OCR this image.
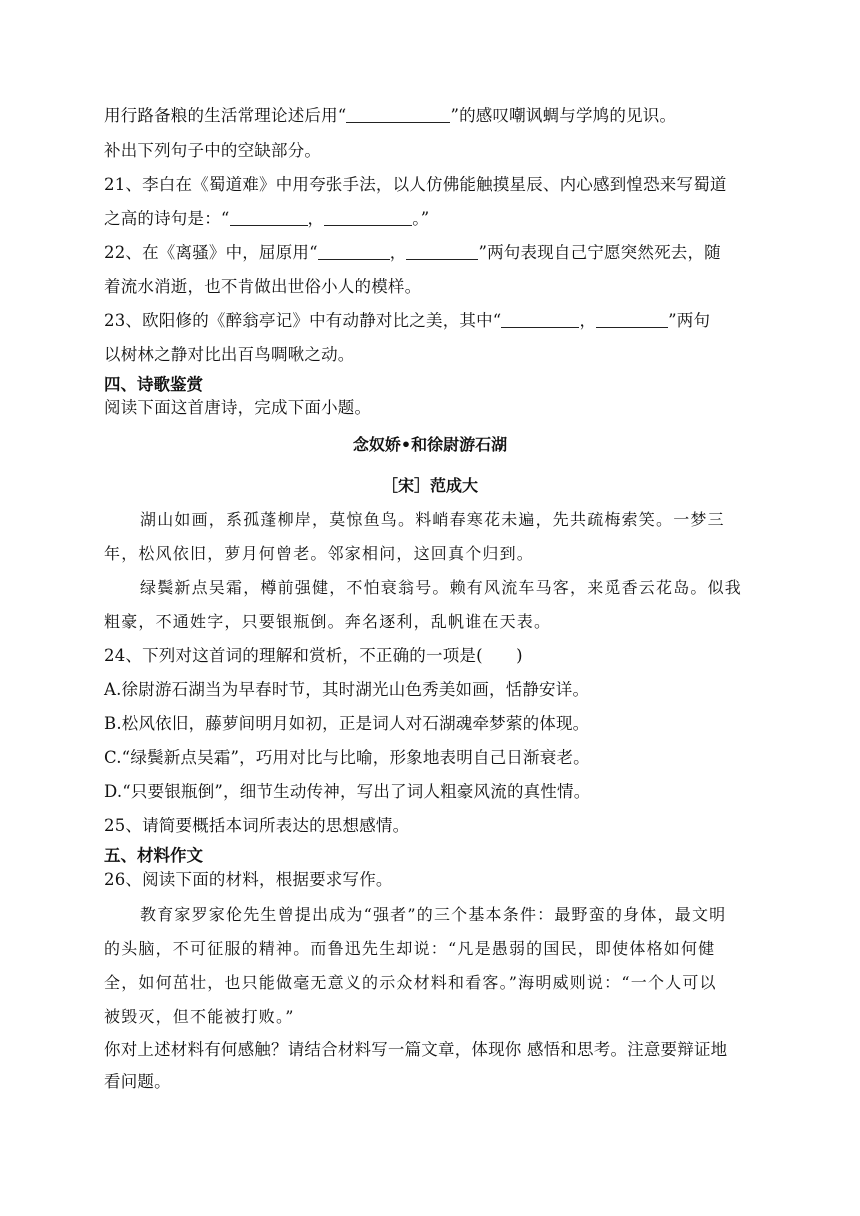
用行路备粮的生活常理论述后用“	”的感叹嘲讽蜩与学鸠的见识。
补出下列句子中的空缺部分。
21、李白在《蜀道难》中用夸张手法，以人仿佛能触摸星辰、内心感到惶恐来写蜀道
之高的诗句是：“	，	。”
22、在《离骚》中，屈原用“	，	”两句表现自己宁愿突然死去，随
着流水消逝，也不肯做出世俗小人的模样。
23、欧阳修的《醉翁亭记》中有动静对比之美，其中“	，	”两句
以树林之静对比出百鸟啁啾之动。
四、诗歌鉴赏
阅读下面这首唐诗，完成下面小题。
念奴娇•和徐尉游石湖
［宋］范成大
湖山如画，系孤蓬柳岸，莫惊鱼鸟。料峭春寒花未遍，先共疏梅索笑。一梦三
年，松风依旧，萝月何曾老。邻家相问，这回真个归到。
绿鬓新点吴霜，樽前强健，不怕衰翁号。赖有风流车马客，来觅香云花岛。似我
粗豪，不通姓字，只要银瓶倒。奔名逐利，乱帆谁在天表。
24、下列对这首词的理解和赏析，不正确的一项是(　　)
A.徐尉游石湖当为早春时节，其时湖光山色秀美如画，恬静安详。
B.松风依旧，藤萝间明月如初，正是词人对石湖魂牵梦萦的体现。
C.“绿鬓新点吴霜”，巧用对比与比喻，形象地表明自己日渐衰老。
D.“只要银瓶倒”，细节生动传神，写出了词人粗豪风流的真性情。
25、请简要概括本词所表达的思想感情。
五、材料作文
26、阅读下面的材料，根据要求写作。
教育家罗家伦先生曾提出成为“强者”的三个基本条件：最野蛮的身体，最文明
的头脑，不可征服的精神。而鲁迅先生却说：“凡是愚弱的国民，即使体格如何健
全，如何茁壮，也只能做毫无意义的示众材料和看客。”海明威则说：“一个人可以
被毁灭，但不能被打败。”
你对上述材料有何感触？请结合材料写一篇文章，体现你 感悟和思考。注意要辩证地
看问题。
